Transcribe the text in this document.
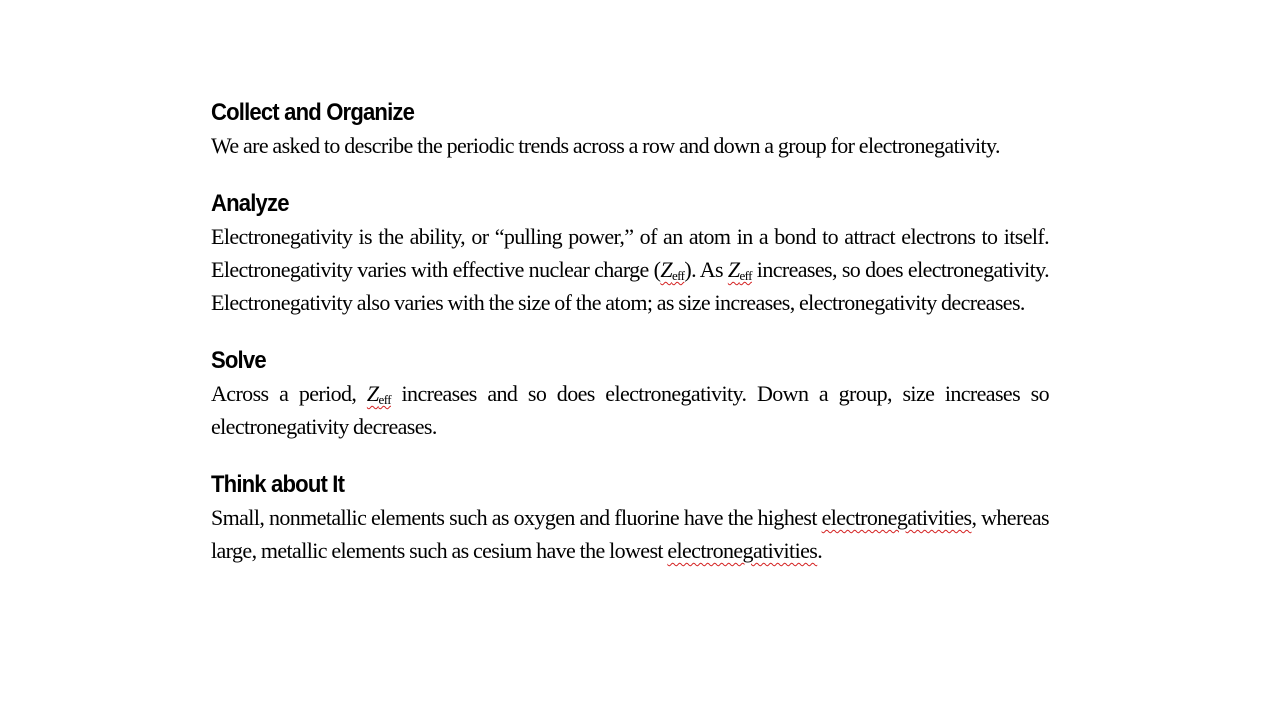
Collect and Organize

We are asked to describe the periodic trends across a row and down a group for electronegativity.

Analyze

Electronegativity is the ability, or “pulling power,” of an atom in a bond to attract electrons to itself. Electronegativity varies with effective nuclear charge $(Z_{eff})$. As $Z_{eff}$ increases, so does electronegativity. Electronegativity also varies with the size of the atom; as size increases, electronegativity decreases.

Solve

Across a period, $Z_{eff}$ increases and so does electronegativity. Down a group, size increases so electronegativity decreases.

Think about It

Small, nonmetallic elements such as oxygen and fluorine have the highest electronegativities, whereas large, metallic elements such as cesium have the lowest electronegativities.
